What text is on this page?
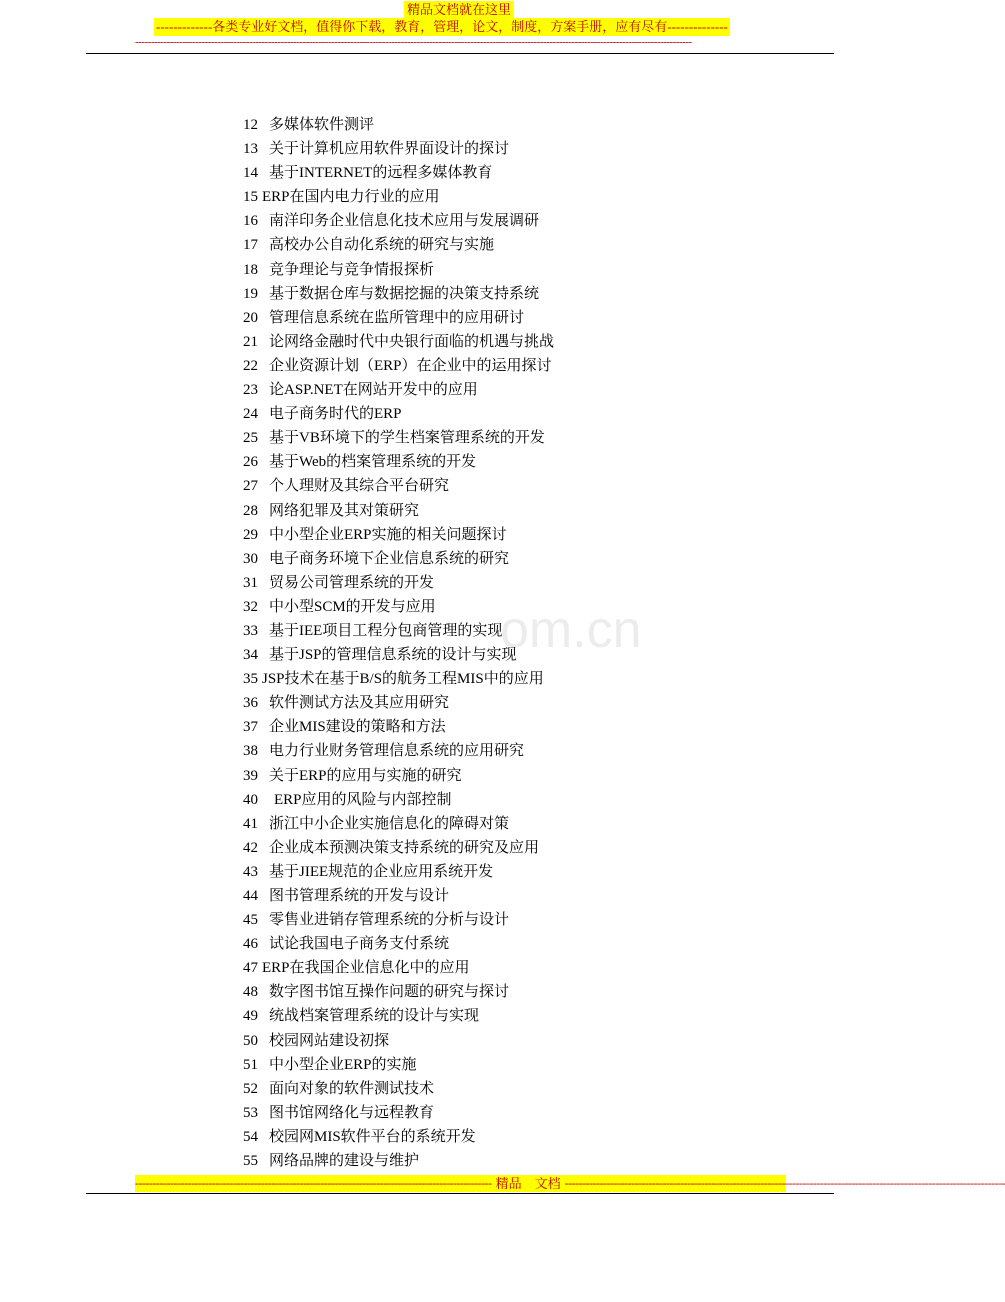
精品文档就在这里
-------------各类专业好文档，值得你下载，教育，管理，论文，制度，方案手册，应有尽有--------------
--------------------------------------------------------------------------------------------------------------------------------------------------------------------------------
om.cn
12 多媒体软件测评
13 关于计算机应用软件界面设计的探讨
14 基于INTERNET的远程多媒体教育
15 ERP在国内电力行业的应用
16 南洋印务企业信息化技术应用与发展调研
17 高校办公自动化系统的研究与实施
18 竞争理论与竞争情报探析
19 基于数据仓库与数据挖掘的决策支持系统
20 管理信息系统在监所管理中的应用研讨
21 论网络金融时代中央银行面临的机遇与挑战
22 企业资源计划（ERP）在企业中的运用探讨
23 论ASP.NET在网站开发中的应用
24 电子商务时代的ERP
25 基于VB环境下的学生档案管理系统的开发
26 基于Web的档案管理系统的开发
27 个人理财及其综合平台研究
28 网络犯罪及其对策研究
29 中小型企业ERP实施的相关问题探讨
30 电子商务环境下企业信息系统的研究
31 贸易公司管理系统的开发
32 中小型SCM的开发与应用
33 基于IEE项目工程分包商管理的实现
34 基于JSP的管理信息系统的设计与实现
35 JSP技术在基于B/S的航务工程MIS中的应用
36 软件测试方法及其应用研究
37 企业MIS建设的策略和方法
38 电力行业财务管理信息系统的应用研究
39 关于ERP的应用与实施的研究
40 ERP应用的风险与内部控制
41 浙江中小企业实施信息化的障碍对策
42 企业成本预测决策支持系统的研究及应用
43 基于JIEE规范的企业应用系统开发
44 图书管理系统的开发与设计
45 零售业进销存管理系统的分析与设计
46 试论我国电子商务支付系统
47 ERP在我国企业信息化中的应用
48 数字图书馆互操作问题的研究与探讨
49 统战档案管理系统的设计与实现
50 校园网站建设初探
51 中小型企业ERP的实施
52 面向对象的软件测试技术
53 图书馆网络化与远程教育
54 校园网MIS软件平台的系统开发
55 网络品牌的建设与维护
------------------------------------------------------------------------------------------------------ 精品　文档 ------------------------------------------------------------------------------------------------------------------------------
